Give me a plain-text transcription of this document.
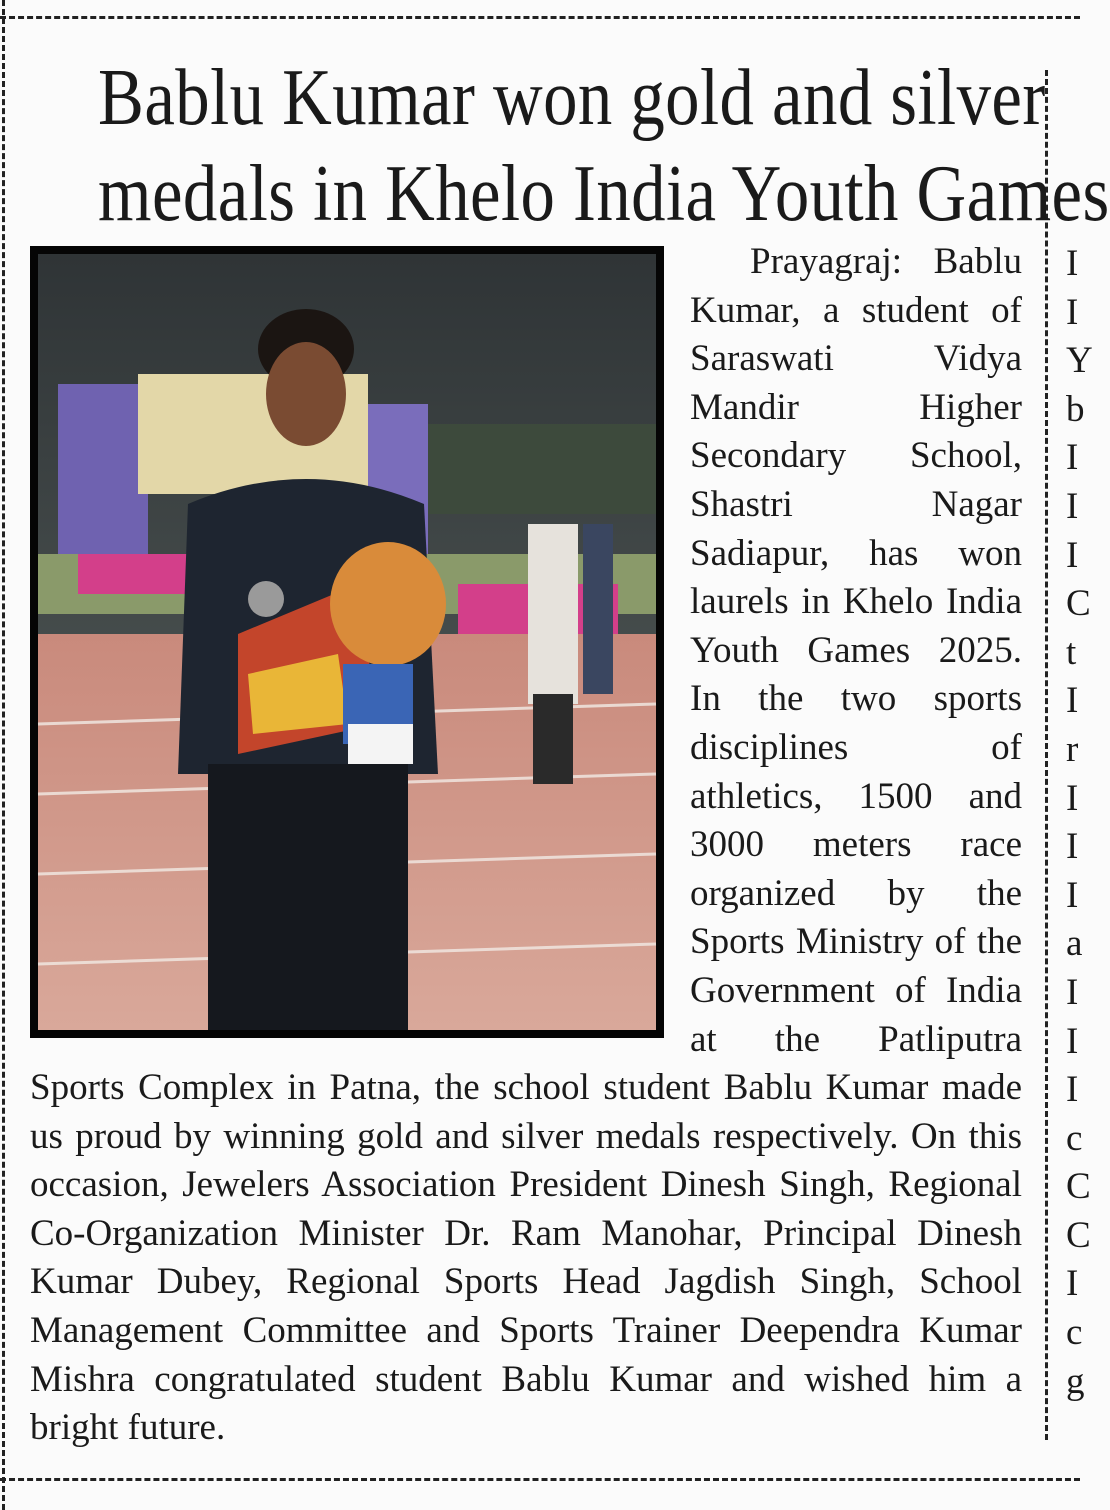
Bablu Kumar won gold and silver
medals in Khelo India Youth Games

Prayagraj: Bablu Kumar, a student of Saraswati Vidya Mandir Higher Secondary School, Shastri Nagar Sadiapur, has won laurels in Khelo India Youth Games 2025. In the two sports disciplines of athletics, 1500 and 3000 meters race organized by the Sports Ministry of the Government of India at the Patliputra Sports Complex in Patna, the school student Bablu Kumar made us proud by winning gold and silver medals respectively. On this occasion, Jewelers Association President Dinesh Singh, Regional Co-Organization Minister Dr. Ram Manohar, Principal Dinesh Kumar Dubey, Regional Sports Head Jagdish Singh, School Management Committee and Sports Trainer Deependra Kumar Mishra congratulated student Bablu Kumar and wished him a bright future.

I
I
Y
b
I
I
I
C
t
I
r
I
I
I
a
I
I
I
c
C
C
I
c
g
